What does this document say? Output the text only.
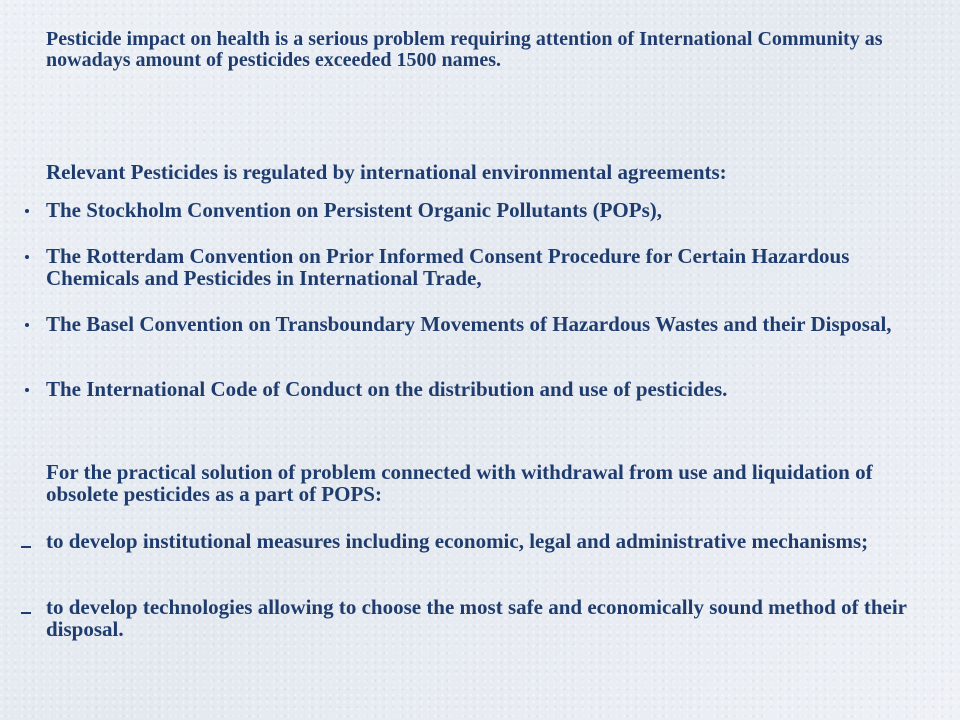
Pesticide impact on health is a serious problem requiring attention of International Community as nowadays amount of pesticides exceeded 1500 names.
Relevant Pesticides is regulated by international environmental agreements:
The Stockholm Convention on Persistent Organic Pollutants (POPs),
The Rotterdam Convention on Prior Informed Consent Procedure for Certain Hazardous Chemicals and Pesticides in International Trade,
The Basel Convention on Transboundary Movements of Hazardous Wastes and their Disposal,
The International Code of Conduct on the distribution and use of pesticides.
For the practical solution of problem connected with withdrawal from use and liquidation of obsolete pesticides as a part of POPS:
to develop institutional measures including economic, legal and administrative mechanisms;
to develop technologies allowing to choose the most safe and economically sound method of their disposal.
